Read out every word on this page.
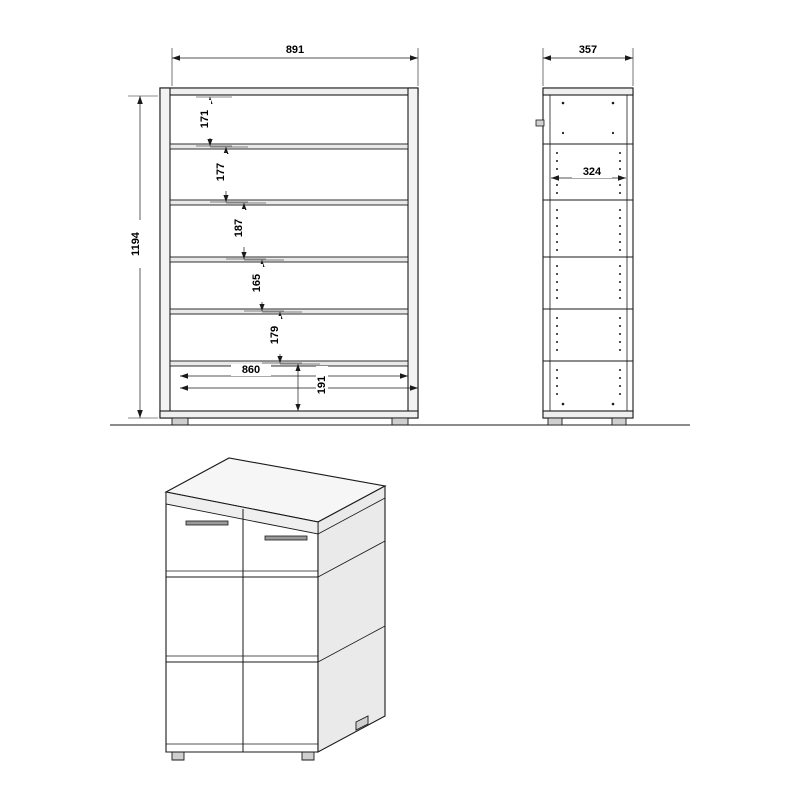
891
1194
357
324
860
171
177
187
165
179
191
